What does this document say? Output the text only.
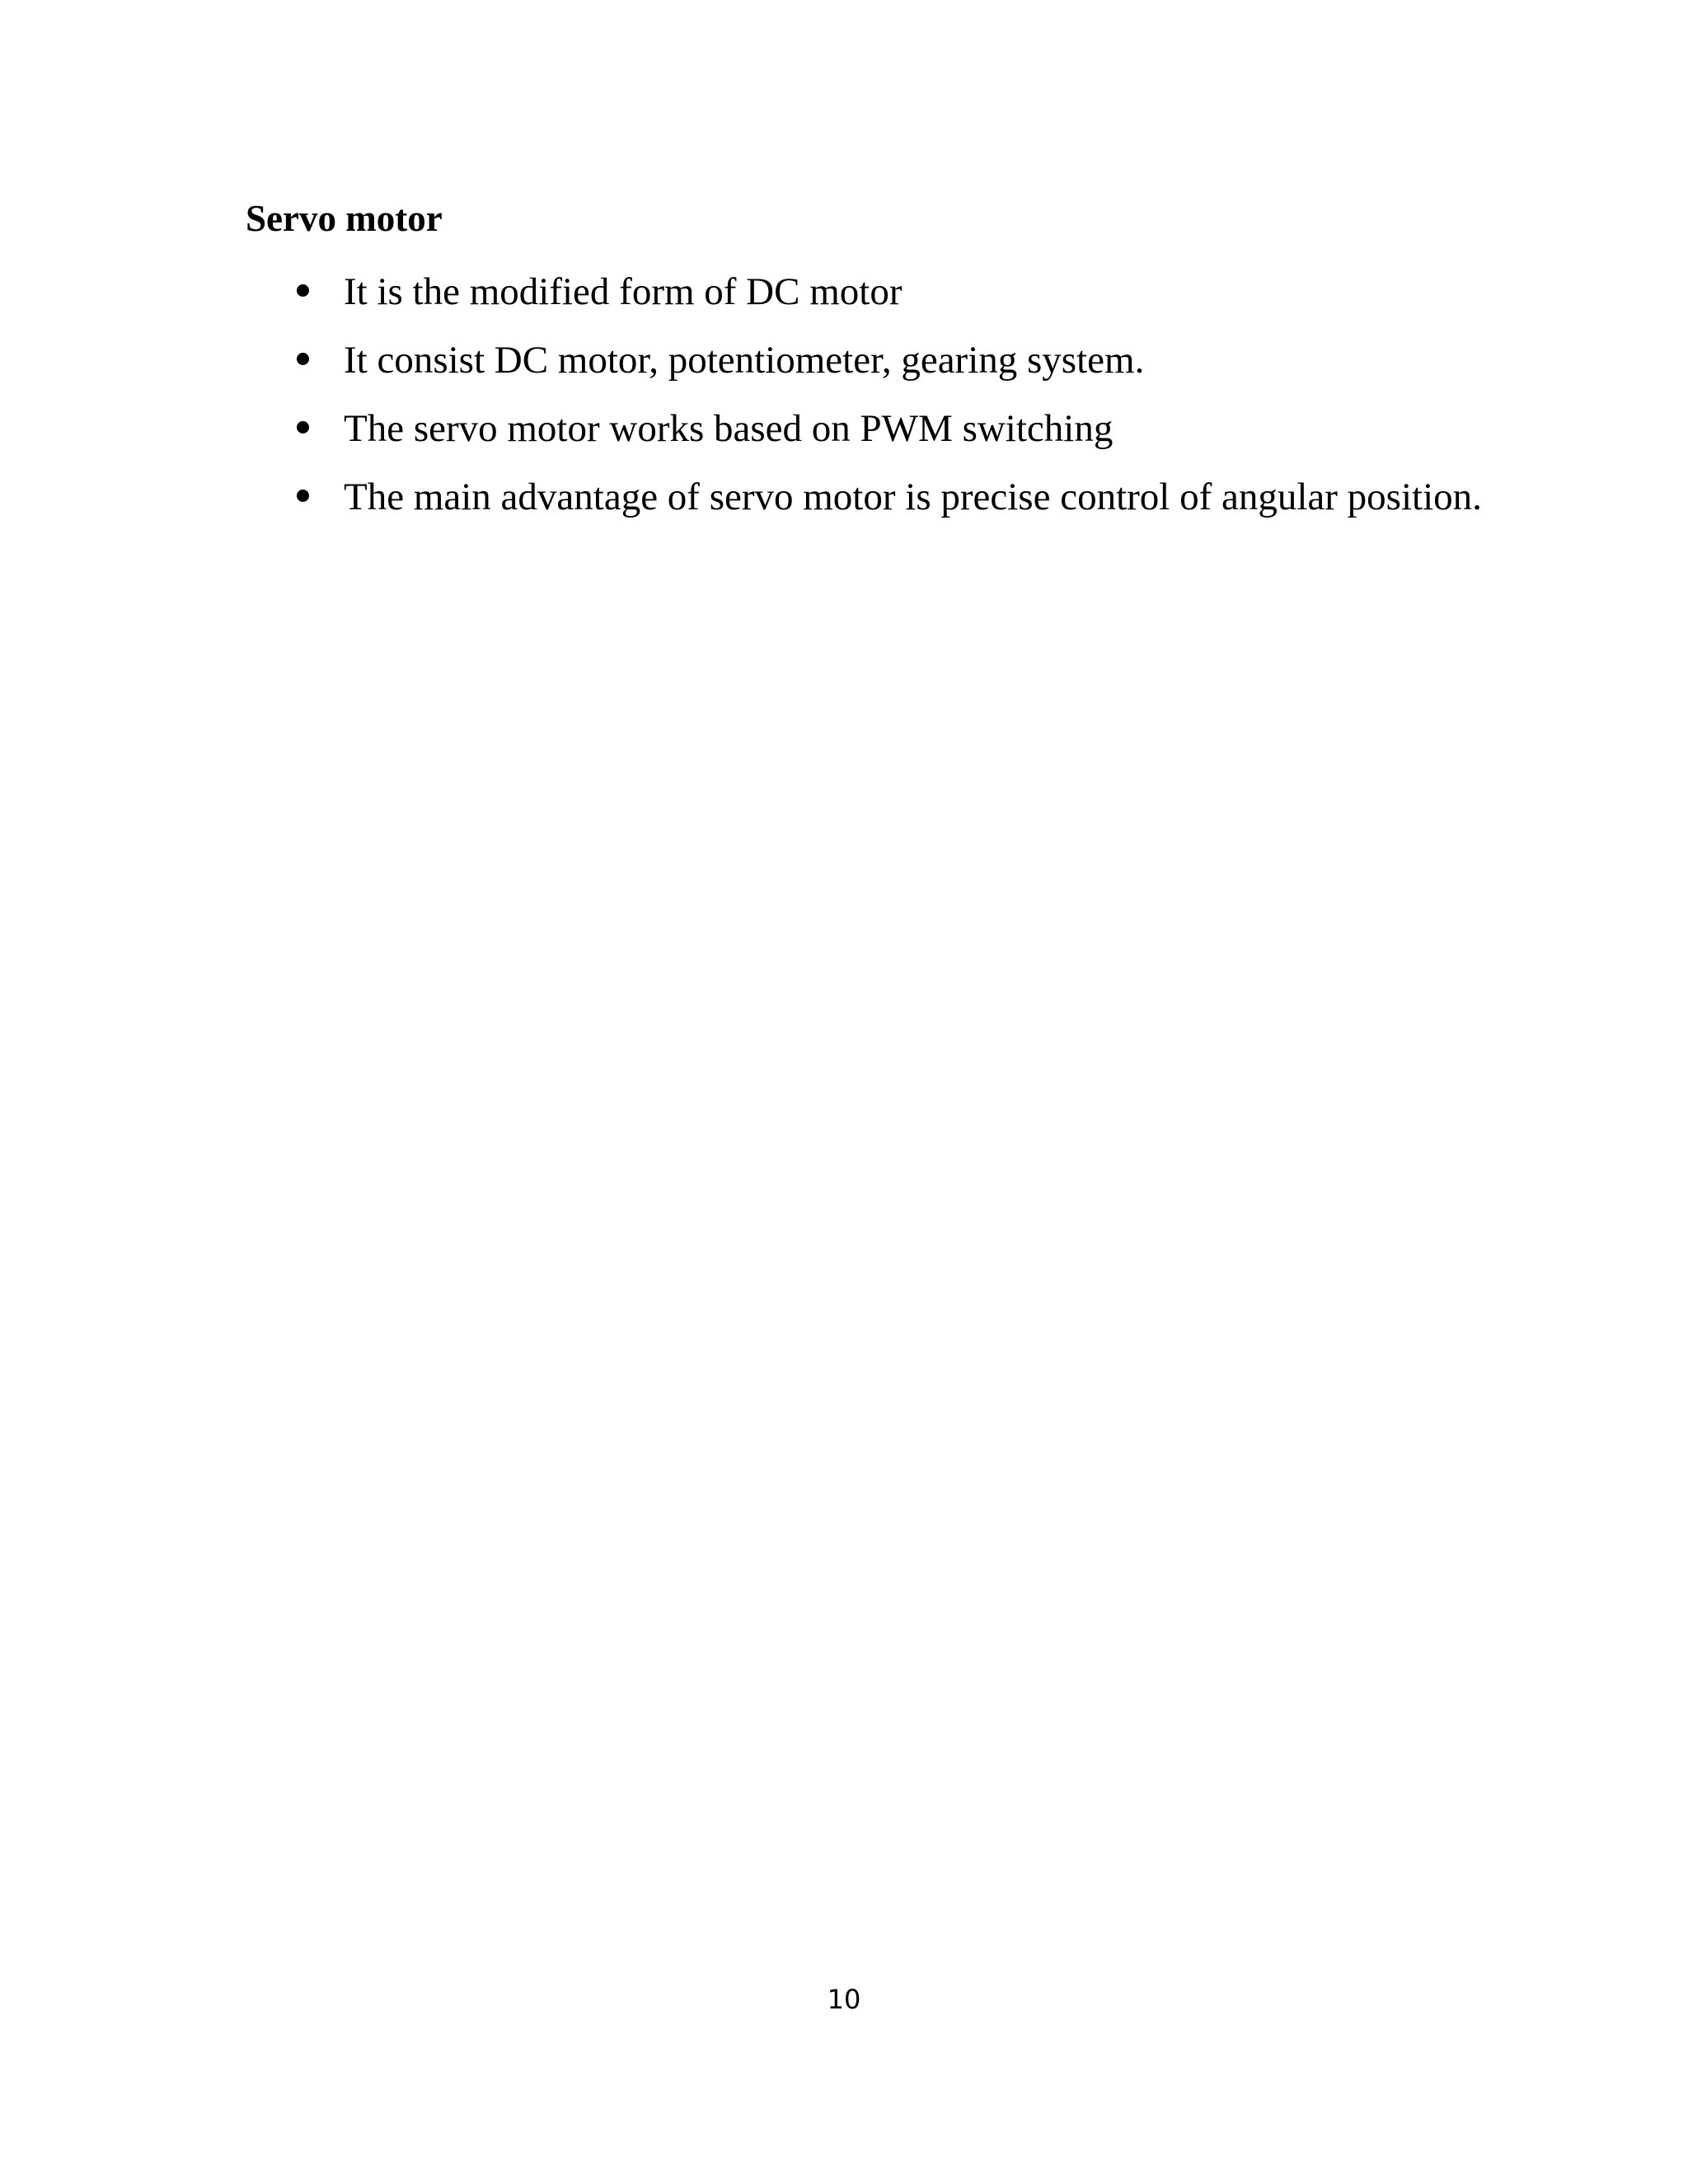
Servo motor
It is the modified form of DC motor
It consist DC motor, potentiometer, gearing system.
The servo motor works based on PWM switching
The main advantage of servo motor is precise control of angular position.
10
